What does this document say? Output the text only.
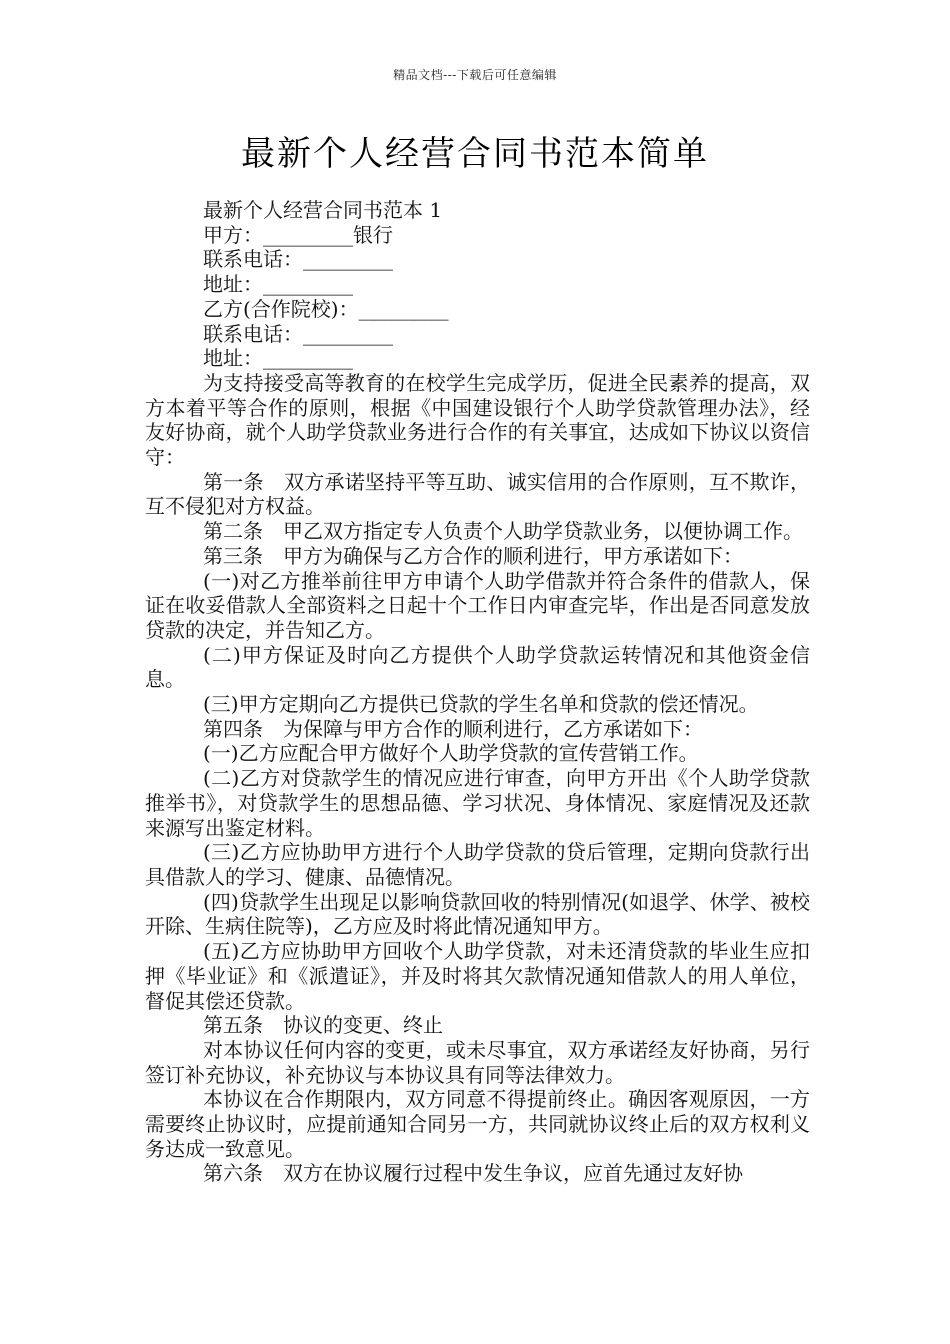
精品文档---下载后可任意编辑
最新个人经营合同书范本简单

最新个人经营合同书范本 1

甲方：_________银行

联系电话：_________

地址：_________

乙方(合作院校)：_________

联系电话：_________

地址：_________

为支持接受高等教育的在校学生完成学历，促进全民素养的提高，双方本着平等合作的原则，根据《中国建设银行个人助学贷款管理办法》，经友好协商，就个人助学贷款业务进行合作的有关事宜，达成如下协议以资信守：

第一条　双方承诺坚持平等互助、诚实信用的合作原则，互不欺诈，互不侵犯对方权益。

第二条　甲乙双方指定专人负责个人助学贷款业务，以便协调工作。

第三条　甲方为确保与乙方合作的顺利进行，甲方承诺如下：

(一)对乙方推举前往甲方申请个人助学借款并符合条件的借款人，保证在收妥借款人全部资料之日起十个工作日内审查完毕，作出是否同意发放贷款的决定，并告知乙方。

(二)甲方保证及时向乙方提供个人助学贷款运转情况和其他资金信息。

(三)甲方定期向乙方提供已贷款的学生名单和贷款的偿还情况。

第四条　为保障与甲方合作的顺利进行，乙方承诺如下：

(一)乙方应配合甲方做好个人助学贷款的宣传营销工作。

(二)乙方对贷款学生的情况应进行审查，向甲方开出《个人助学贷款推举书》，对贷款学生的思想品德、学习状况、身体情况、家庭情况及还款来源写出鉴定材料。

(三)乙方应协助甲方进行个人助学贷款的贷后管理，定期向贷款行出具借款人的学习、健康、品德情况。

(四)贷款学生出现足以影响贷款回收的特别情况(如退学、休学、被校开除、生病住院等)，乙方应及时将此情况通知甲方。

(五)乙方应协助甲方回收个人助学贷款，对未还清贷款的毕业生应扣押《毕业证》和《派遣证》，并及时将其欠款情况通知借款人的用人单位，督促其偿还贷款。

第五条　协议的变更、终止

对本协议任何内容的变更，或未尽事宜，双方承诺经友好协商，另行签订补充协议，补充协议与本协议具有同等法律效力。

本协议在合作期限内，双方同意不得提前终止。确因客观原因，一方需要终止协议时，应提前通知合同另一方，共同就协议终止后的双方权利义务达成一致意见。

第六条　双方在协议履行过程中发生争议，应首先通过友好协
